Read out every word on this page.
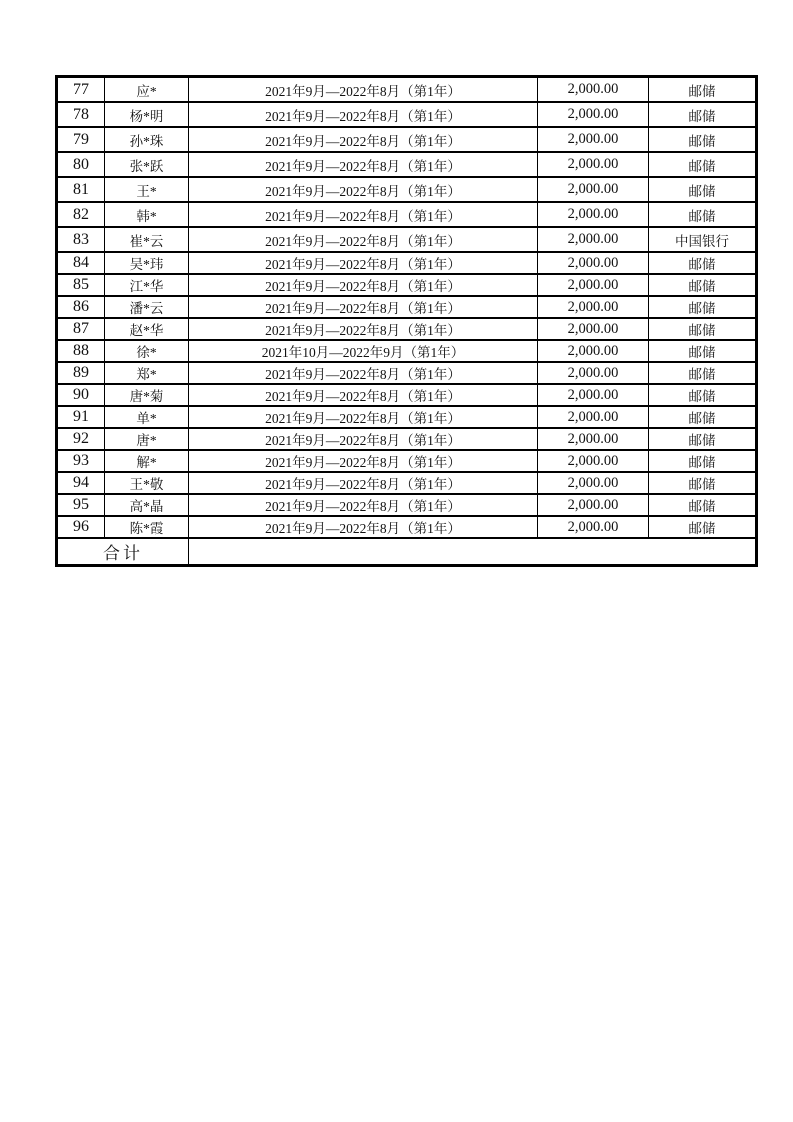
77	应*	2021年9月—2022年8月（第1年）	2,000.00	邮储
78	杨*明	2021年9月—2022年8月（第1年）	2,000.00	邮储
79	孙*珠	2021年9月—2022年8月（第1年）	2,000.00	邮储
80	张*跃	2021年9月—2022年8月（第1年）	2,000.00	邮储
81	王*	2021年9月—2022年8月（第1年）	2,000.00	邮储
82	韩*	2021年9月—2022年8月（第1年）	2,000.00	邮储
83	崔*云	2021年9月—2022年8月（第1年）	2,000.00	中国银行
84	吴*玮	2021年9月—2022年8月（第1年）	2,000.00	邮储
85	江*华	2021年9月—2022年8月（第1年）	2,000.00	邮储
86	潘*云	2021年9月—2022年8月（第1年）	2,000.00	邮储
87	赵*华	2021年9月—2022年8月（第1年）	2,000.00	邮储
88	徐*	2021年10月—2022年9月（第1年）	2,000.00	邮储
89	郑*	2021年9月—2022年8月（第1年）	2,000.00	邮储
90	唐*菊	2021年9月—2022年8月（第1年）	2,000.00	邮储
91	单*	2021年9月—2022年8月（第1年）	2,000.00	邮储
92	唐*	2021年9月—2022年8月（第1年）	2,000.00	邮储
93	解*	2021年9月—2022年8月（第1年）	2,000.00	邮储
94	王*敬	2021年9月—2022年8月（第1年）	2,000.00	邮储
95	高*晶	2021年9月—2022年8月（第1年）	2,000.00	邮储
96	陈*霞	2021年9月—2022年8月（第1年）	2,000.00	邮储
合计				
